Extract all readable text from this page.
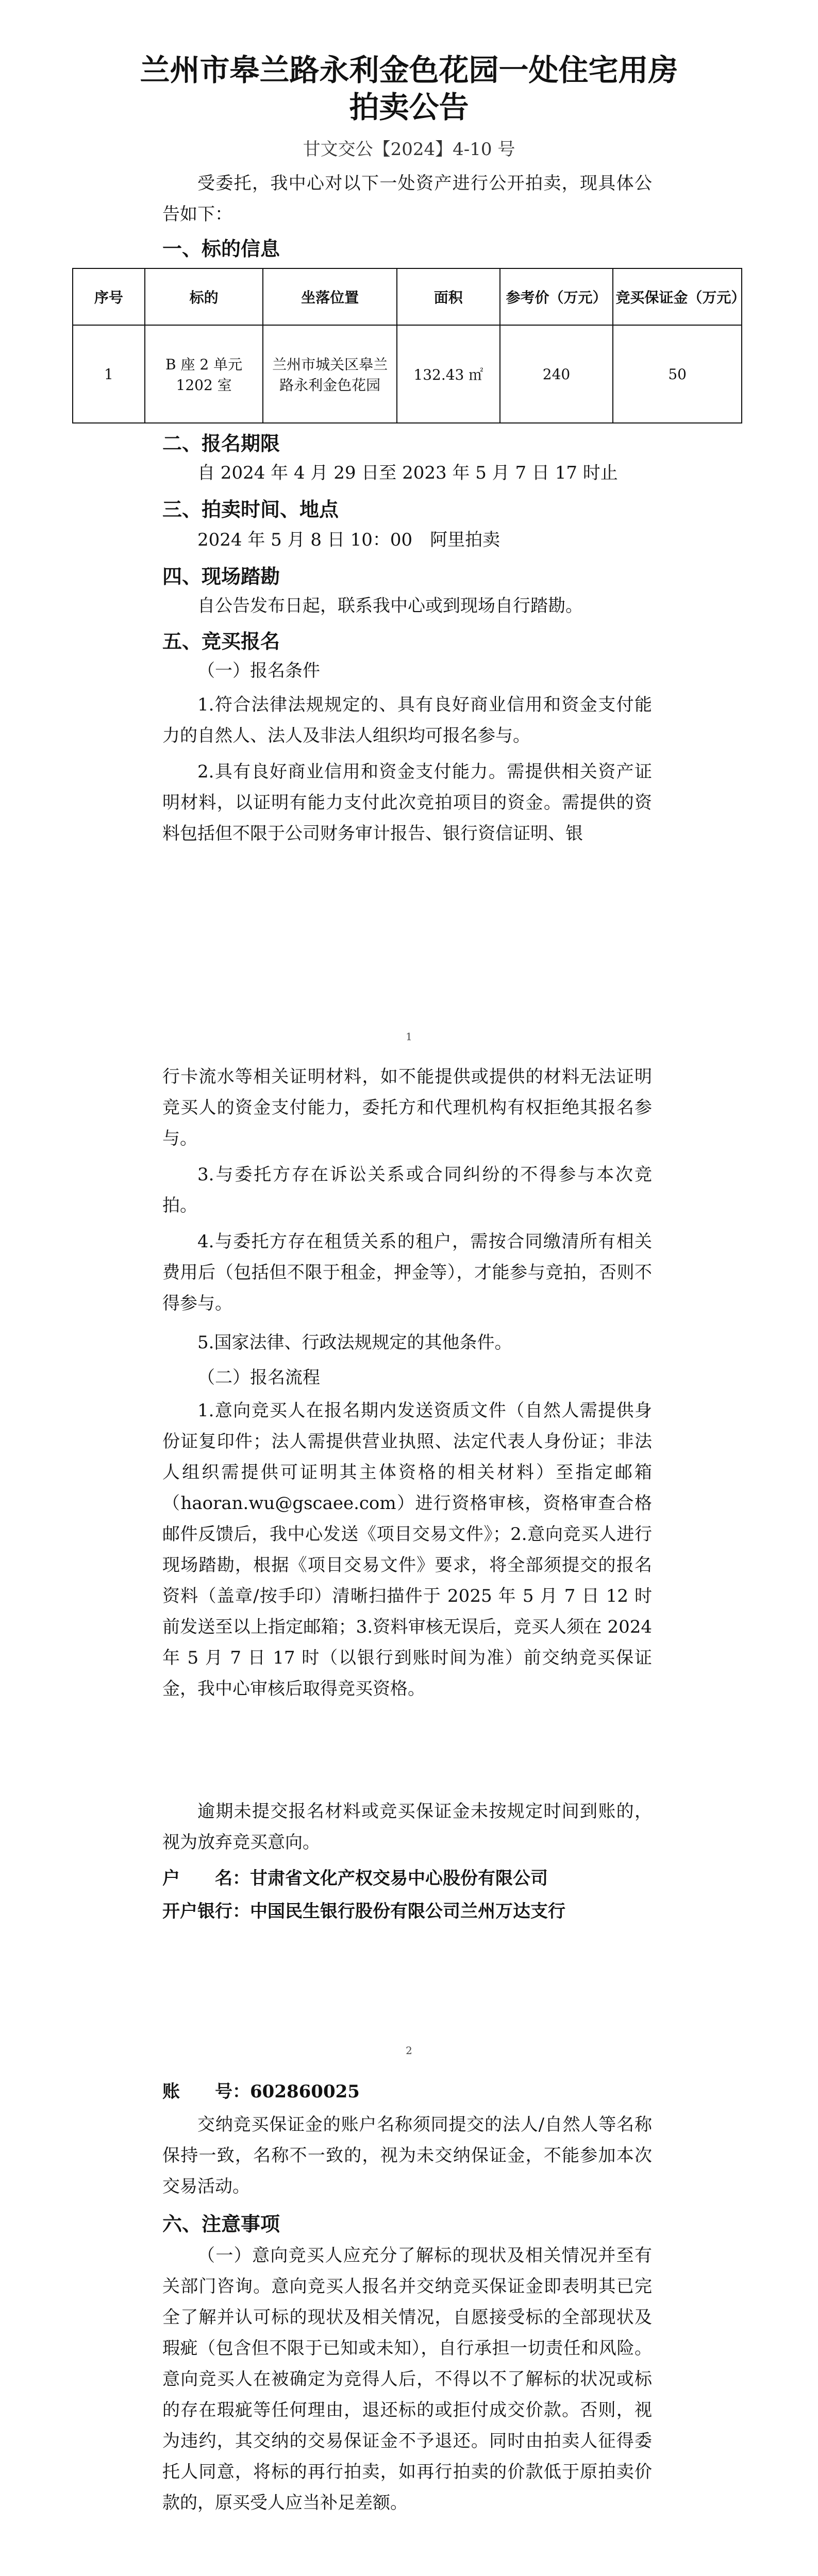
兰州市皋兰路永利金色花园一处住宅用房
拍卖公告
甘文交公【2024】4-10 号
受委托，我中心对以下一处资产进行公开拍卖，现具体公告如下：
一、标的信息
序号	标的	坐落位置	面积	参考价（万元）	竞买保证金（万元）
1	B 座 2 单元 1202 室	兰州市城关区皋兰路永利金色花园	132.43 ㎡	240	50
二、报名期限
自 2024 年 4 月 29 日至 2023 年 5 月 7 日 17 时止
三、拍卖时间、地点
2024 年 5 月 8 日 10：00　阿里拍卖
四、现场踏勘
自公告发布日起，联系我中心或到现场自行踏勘。
五、竞买报名
（一）报名条件
1.符合法律法规规定的、具有良好商业信用和资金支付能力的自然人、法人及非法人组织均可报名参与。
2.具有良好商业信用和资金支付能力。需提供相关资产证明材料，以证明有能力支付此次竞拍项目的资金。需提供的资料包括但不限于公司财务审计报告、银行资信证明、银
1
行卡流水等相关证明材料，如不能提供或提供的材料无法证明竞买人的资金支付能力，委托方和代理机构有权拒绝其报名参与。
3.与委托方存在诉讼关系或合同纠纷的不得参与本次竞拍。
4.与委托方存在租赁关系的租户，需按合同缴清所有相关费用后（包括但不限于租金，押金等），才能参与竞拍，否则不得参与。
5.国家法律、行政法规规定的其他条件。
（二）报名流程
1.意向竞买人在报名期内发送资质文件（自然人需提供身份证复印件；法人需提供营业执照、法定代表人身份证；非法人组织需提供可证明其主体资格的相关材料）至指定邮箱（haoran.wu@gscaee.com）进行资格审核，资格审查合格邮件反馈后，我中心发送《项目交易文件》；2.意向竞买人进行现场踏勘，根据《项目交易文件》要求，将全部须提交的报名资料（盖章/按手印）清晰扫描件于 2025 年 5 月 7 日 12 时前发送至以上指定邮箱；3.资料审核无误后，竞买人须在 2024 年 5 月 7 日 17 时（以银行到账时间为准）前交纳竞买保证金，我中心审核后取得竞买资格。
逾期未提交报名材料或竞买保证金未按规定时间到账的，视为放弃竞买意向。
户　　名：甘肃省文化产权交易中心股份有限公司
开户银行：中国民生银行股份有限公司兰州万达支行
2
账　　号：602860025
交纳竞买保证金的账户名称须同提交的法人/自然人等名称保持一致，名称不一致的，视为未交纳保证金，不能参加本次交易活动。
六、注意事项
（一）意向竞买人应充分了解标的现状及相关情况并至有关部门咨询。意向竞买人报名并交纳竞买保证金即表明其已完全了解并认可标的现状及相关情况，自愿接受标的全部现状及瑕疵（包含但不限于已知或未知），自行承担一切责任和风险。意向竞买人在被确定为竞得人后，不得以不了解标的状况或标的存在瑕疵等任何理由，退还标的或拒付成交价款。否则，视为违约，其交纳的交易保证金不予退还。同时由拍卖人征得委托人同意，将标的再行拍卖，如再行拍卖的价款低于原拍卖价款的，原买受人应当补足差额。
